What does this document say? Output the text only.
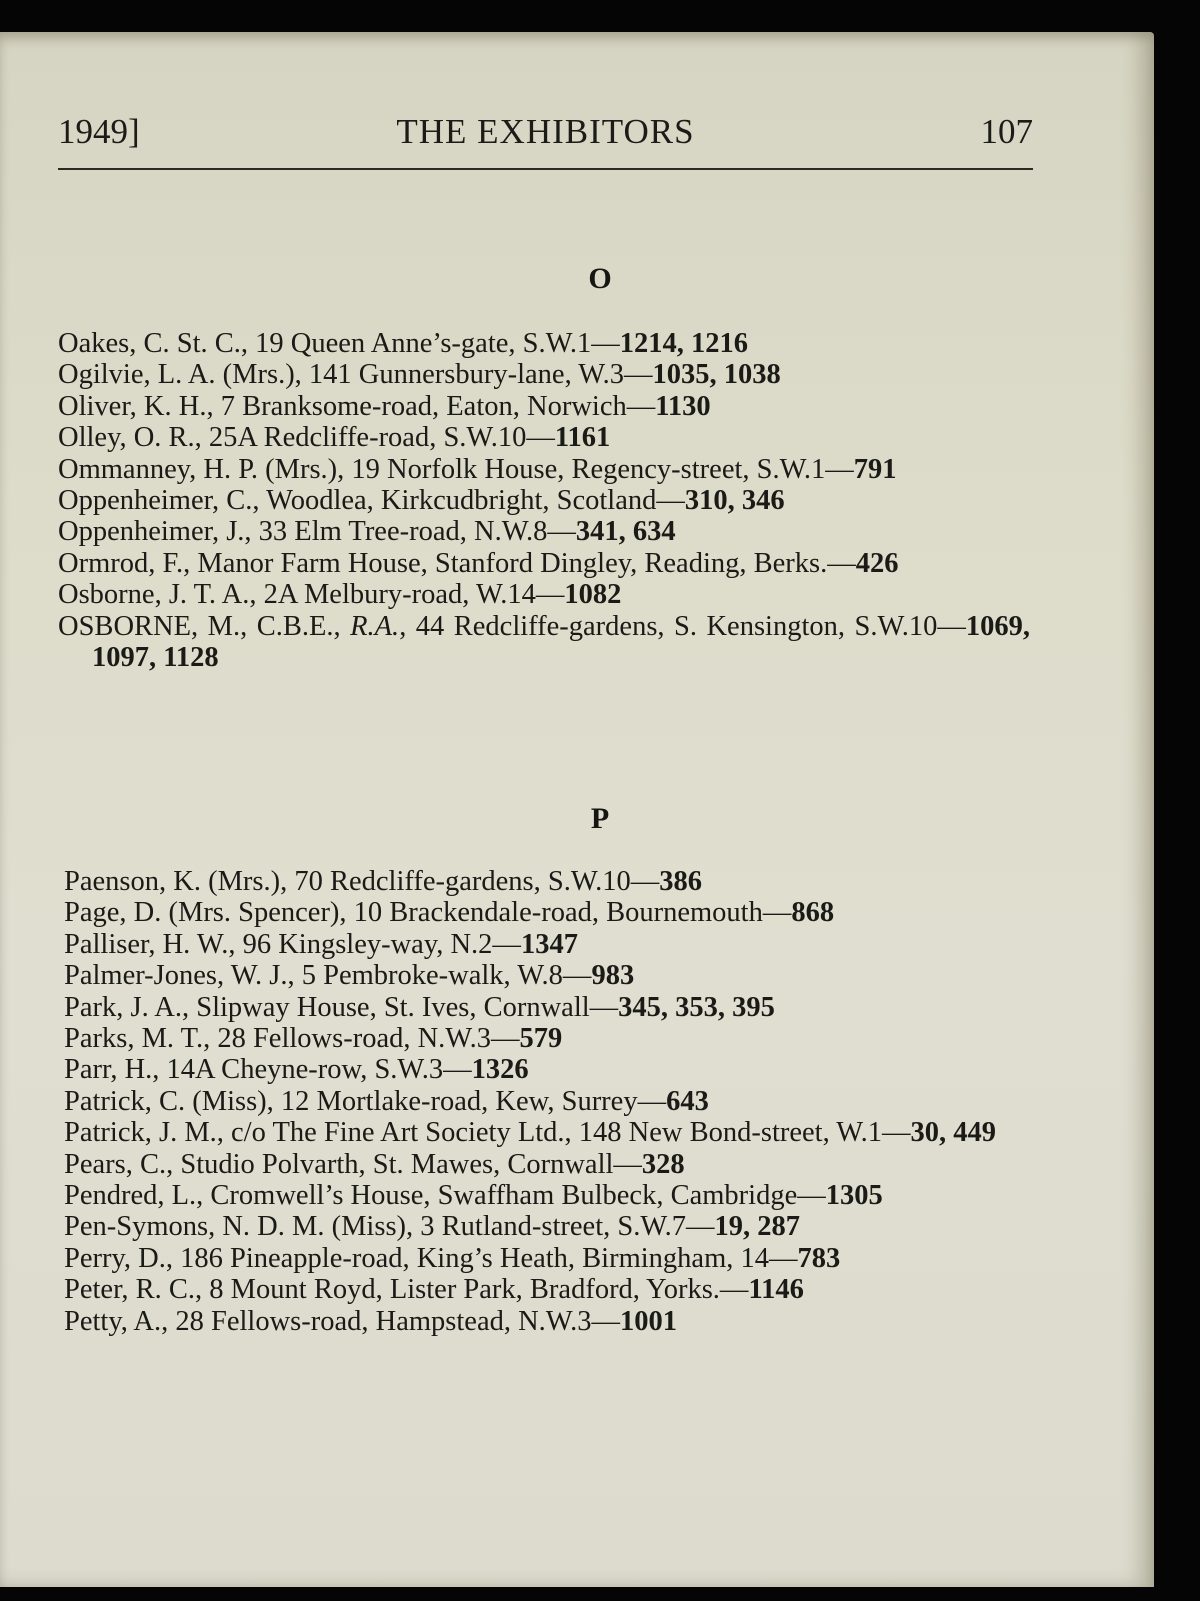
1949]	THE EXHIBITORS	107
O

Oakes, C. St. C., 19 Queen Anne’s-gate, S.W.1—1214, 1216

Ogilvie, L. A. (Mrs.), 141 Gunnersbury-lane, W.3—1035, 1038

Oliver, K. H., 7 Branksome-road, Eaton, Norwich—1130

Olley, O. R., 25A Redcliffe-road, S.W.10—1161

Ommanney, H. P. (Mrs.), 19 Norfolk House, Regency-street, S.W.1—791

Oppenheimer, C., Woodlea, Kirkcudbright, Scotland—310, 346

Oppenheimer, J., 33 Elm Tree-road, N.W.8—341, 634

Ormrod, F., Manor Farm House, Stanford Dingley, Reading, Berks.—426

Osborne, J. T. A., 2A Melbury-road, W.14—1082

OSBORNE, M., C.B.E., R.A., 44 Redcliffe-gardens, S. Kensington, S.W.10—1069, 1097, 1128

P

Paenson, K. (Mrs.), 70 Redcliffe-gardens, S.W.10—386

Page, D. (Mrs. Spencer), 10 Brackendale-road, Bournemouth—868

Palliser, H. W., 96 Kingsley-way, N.2—1347

Palmer-Jones, W. J., 5 Pembroke-walk, W.8—983

Park, J. A., Slipway House, St. Ives, Cornwall—345, 353, 395

Parks, M. T., 28 Fellows-road, N.W.3—579

Parr, H., 14A Cheyne-row, S.W.3—1326

Patrick, C. (Miss), 12 Mortlake-road, Kew, Surrey—643

Patrick, J. M., c/o The Fine Art Society Ltd., 148 New Bond-street, W.1—30, 449

Pears, C., Studio Polvarth, St. Mawes, Cornwall—328

Pendred, L., Cromwell’s House, Swaffham Bulbeck, Cambridge—1305

Pen-Symons, N. D. M. (Miss), 3 Rutland-street, S.W.7—19, 287

Perry, D., 186 Pineapple-road, King’s Heath, Birmingham, 14—783

Peter, R. C., 8 Mount Royd, Lister Park, Bradford, Yorks.—1146

Petty, A., 28 Fellows-road, Hampstead, N.W.3—1001
